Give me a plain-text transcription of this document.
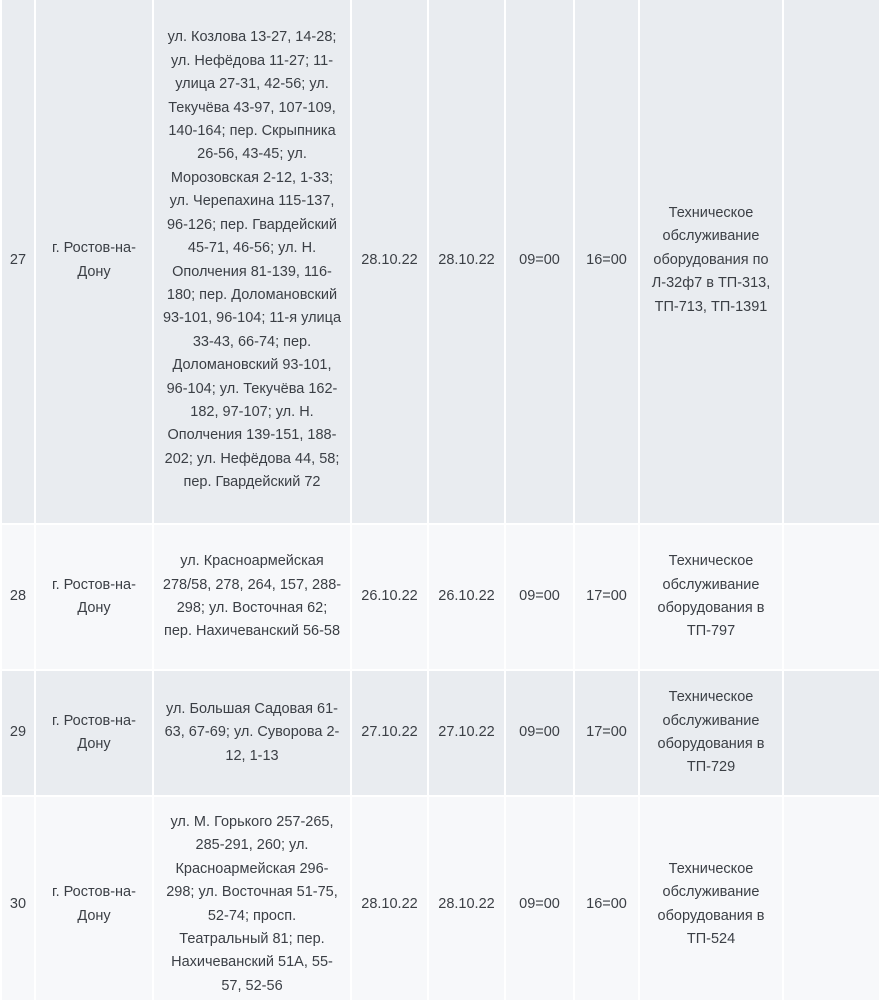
27	г. Ростов-на-Дону	ул. Козлова 13-27, 14-28; ул. Нефёдова 11-27; 11-улица 27-31, 42-56; ул. Текучёва 43-97, 107-109, 140-164; пер. Скрыпника 26-56, 43-45; ул. Морозовская 2-12, 1-33; ул. Черепахина 115-137, 96-126; пер. Гвардейский 45-71, 46-56; ул. Н. Ополчения 81-139, 116-180; пер. Доломановский 93-101, 96-104; 11-я улица 33-43, 66-74; пер. Доломановский 93-101, 96-104; ул. Текучёва 162-182, 97-107; ул. Н. Ополчения 139-151, 188-202; ул. Нефёдова 44, 58; пер. Гвардейский 72	28.10.22	28.10.22	09=00	16=00	Техническое обслуживание оборудования по Л-32ф7 в ТП-313, ТП-713, ТП-1391	
28	г. Ростов-на-Дону	ул. Красноармейская 278/58, 278, 264, 157, 288-298; ул. Восточная 62; пер. Нахичеванский 56-58	26.10.22	26.10.22	09=00	17=00	Техническое обслуживание оборудования в ТП-797	
29	г. Ростов-на-Дону	ул. Большая Садовая 61-63, 67-69; ул. Суворова 2-12, 1-13	27.10.22	27.10.22	09=00	17=00	Техническое обслуживание оборудования в ТП-729	
30	г. Ростов-на-Дону	ул. М. Горького 257-265, 285-291, 260; ул. Красноармейская 296-298; ул. Восточная 51-75, 52-74; просп. Театральный 81; пер. Нахичеванский 51А, 55-57, 52-56	28.10.22	28.10.22	09=00	16=00	Техническое обслуживание оборудования в ТП-524	
